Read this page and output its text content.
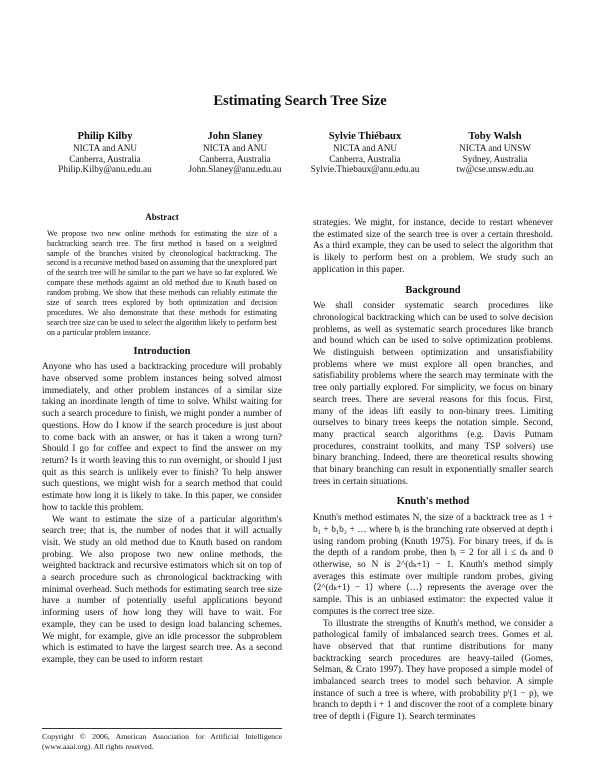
Estimating Search Tree Size
Philip Kilby
NICTA and ANU
Canberra, Australia
Philip.Kilby@anu.edu.au
John Slaney
NICTA and ANU
Canberra, Australia
John.Slaney@anu.edu.au
Sylvie Thiébaux
NICTA and ANU
Canberra, Australia
Sylvie.Thiebaux@anu.edu.au
Toby Walsh
NICTA and UNSW
Sydney, Australia
tw@cse.unsw.edu.au
Abstract

We propose two new online methods for estimating the size of a backtracking search tree. The first method is based on a weighted sample of the branches visited by chronological backtracking. The second is a recursive method based on assuming that the unexplored part of the search tree will be similar to the part we have so far explored. We compare these methods against an old method due to Knuth based on random probing. We show that these methods can reliably estimate the size of search trees explored by both optimization and decision procedures. We also demonstrate that these methods for estimating search tree size can be used to select the algorithm likely to perform best on a particular problem instance.

Introduction

Anyone who has used a backtracking procedure will probably have observed some problem instances being solved almost immediately, and other problem instances of a similar size taking an inordinate length of time to solve. Whilst waiting for such a search procedure to finish, we might ponder a number of questions. How do I know if the search procedure is just about to come back with an answer, or has it taken a wrong turn? Should I go for coffee and expect to find the answer on my return? Is it worth leaving this to run overnight, or should I just quit as this search is unlikely ever to finish? To help answer such questions, we might wish for a search method that could estimate how long it is likely to take. In this paper, we consider how to tackle this problem.

We want to estimate the size of a particular algorithm's search tree; that is, the number of nodes that it will actually visit. We study an old method due to Knuth based on random probing. We also propose two new online methods, the weighted backtrack and recursive estimators which sit on top of a search procedure such as chronological backtracking with minimal overhead. Such methods for estimating search tree size have a number of potentially useful applications beyond informing users of how long they will have to wait. For example, they can be used to design load balancing schemes. We might, for example, give an idle processor the subproblem which is estimated to have the largest search tree. As a second example, they can be used to inform restart

Copyright © 2006, American Association for Artificial Intelligence (www.aaai.org). All rights reserved.

strategies. We might, for instance, decide to restart whenever the estimated size of the search tree is over a certain threshold. As a third example, they can be used to select the algorithm that is likely to perform best on a problem. We study such an application in this paper.

Background

We shall consider systematic search procedures like chronological backtracking which can be used to solve decision problems, as well as systematic search procedures like branch and bound which can be used to solve optimization problems. We distinguish between optimization and unsatisfiability problems where we must explore all open branches, and satisfiability problems where the search may terminate with the tree only partially explored. For simplicity, we focus on binary search trees. There are several reasons for this focus. First, many of the ideas lift easily to non-binary trees. Limiting ourselves to binary trees keeps the notation simple. Second, many practical search algorithms (e.g. Davis Putnam procedures, constraint toolkits, and many TSP solvers) use binary branching. Indeed, there are theoretical results showing that binary branching can result in exponentially smaller search trees in certain situations.

Knuth's method

Knuth's method estimates N, the size of a backtrack tree as 1 + b₁ + b₁b₂ + … where bᵢ is the branching rate observed at depth i using random probing (Knuth 1975). For binary trees, if dₖ is the depth of a random probe, then bᵢ = 2 for all i ≤ dₖ and 0 otherwise, so N is 2^(dₖ+1) − 1. Knuth's method simply averages this estimate over multiple random probes, giving ⟨2^(dₖ+1) − 1⟩ where ⟨…⟩ represents the average over the sample. This is an unbiased estimator: the expected value it computes is the correct tree size.

To illustrate the strengths of Knuth's method, we consider a pathological family of imbalanced search trees. Gomes et al. have observed that that runtime distributions for many backtracking search procedures are heavy-tailed (Gomes, Selman, & Crato 1997). They have proposed a simple model of imbalanced search trees to model such behavior. A simple instance of such a tree is where, with probability pⁱ(1 − p), we branch to depth i + 1 and discover the root of a complete binary tree of depth i (Figure 1). Search terminates
